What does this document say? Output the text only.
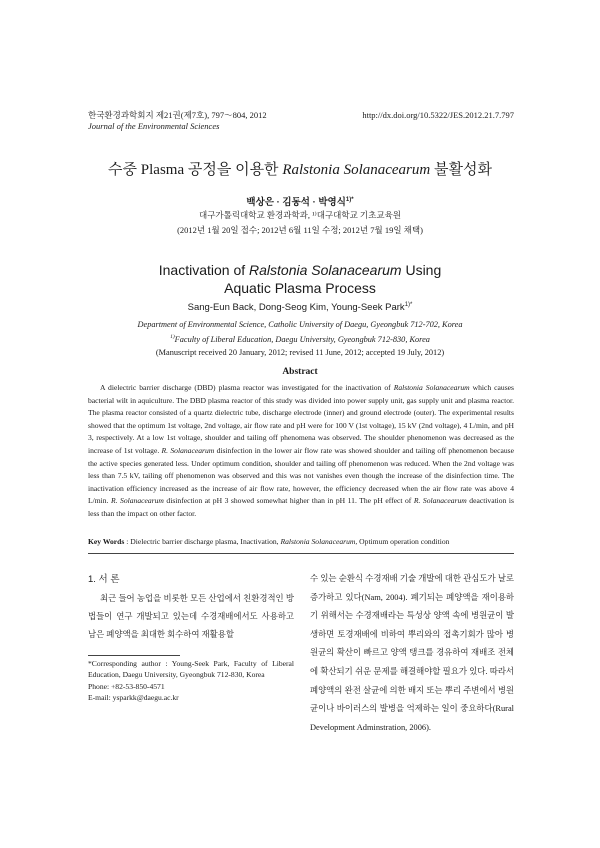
한국환경과학회지 제21권(제7호), 797～804, 2012
Journal of the Environmental Sciences
http://dx.doi.org/10.5322/JES.2012.21.7.797
수중 Plasma 공정을 이용한 Ralstonia Solanacearum 불활성화
백상은 · 김동석 · 박영식$^{1)*}$
대구가톨릭대학교 환경과학과, ¹⁾대구대학교 기초교육원
(2012년 1월 20일 접수; 2012년 6월 11일 수정; 2012년 7월 19일 채택)
Inactivation of Ralstonia Solanacearum Using
Aquatic Plasma Process
Sang-Eun Back, Dong-Seog Kim, Young-Seek Park$^{1)*}$
Department of Environmental Science, Catholic University of Daegu, Gyeongbuk 712-702, Korea
$^{1)}$Faculty of Liberal Education, Daegu University, Gyeongbuk 712-830, Korea
(Manuscript received 20 January, 2012; revised 11 June, 2012; accepted 19 July, 2012)
Abstract

A dielectric barrier discharge (DBD) plasma reactor was investigated for the inactivation of Ralstonia Solanacearum which causes bacterial wilt in aquiculture. The DBD plasma reactor of this study was divided into power supply unit, gas supply unit and plasma reactor. The plasma reactor consisted of a quartz dielectric tube, discharge electrode (inner) and ground electrode (outer). The experimental results showed that the optimum 1st voltage, 2nd voltage, air flow rate and pH were for 100 V (1st voltage), 15 kV (2nd voltage), 4 L/min, and pH 3, respectively. At a low 1st voltage, shoulder and tailing off phenomena was observed. The shoulder phenomenon was decreased as the increase of 1st voltage. R. Solanacearum disinfection in the lower air flow rate was showed shoulder and tailing off phenomenon because the active species generated less. Under optimum condition, shoulder and tailing off phenomenon was reduced. When the 2nd voltage was less than 7.5 kV, tailing off phenomenon was observed and this was not vanishes even though the increase of the disinfection time. The inactivation efficiency increased as the increase of air flow rate, however, the efficiency decreased when the air flow rate was above 4 L/min. R. Solanacearum disinfection at pH 3 showed somewhat higher than in pH 11. The pH effect of R. Solanacearum deactivation is less than the impact on other factor.

Key Words : Dielectric barrier discharge plasma, Inactivation, Ralstonia Solanacearum, Optimum operation condition
1. 서 론

최근 들어 농업을 비롯한 모든 산업에서 친환경적인 방법들이 연구 개발되고 있는데 수경재배에서도 사용하고 남은 폐양액을 최대한 회수하여 재활용할

수 있는 순환식 수경재배 기술 개발에 대한 관심도가 날로 증가하고 있다(Nam, 2004). 폐기되는 폐양액을 재이용하기 위해서는 수경재배라는 특성상 양액 속에 병원균이 발생하면 토경재배에 비하여 뿌리와의 접촉기회가 많아 병원균의 확산이 빠르고 양액 탱크를 경유하여 재배조 전체에 확산되기 쉬운 문제를 해결해야할 필요가 있다. 따라서 폐양액의 완전 살균에 의한 배지 또는 뿌리 주변에서 병원균이나 바이러스의 발병을 억제하는 일이 중요하다(Rural Development Adminstration, 2006).

*Corresponding author : Young-Seek Park, Faculty of Liberal Education, Daegu University, Gyeongbuk 712-830, Korea

Phone: +82-53-850-4571

E-mail: ysparkk@daegu.ac.kr
